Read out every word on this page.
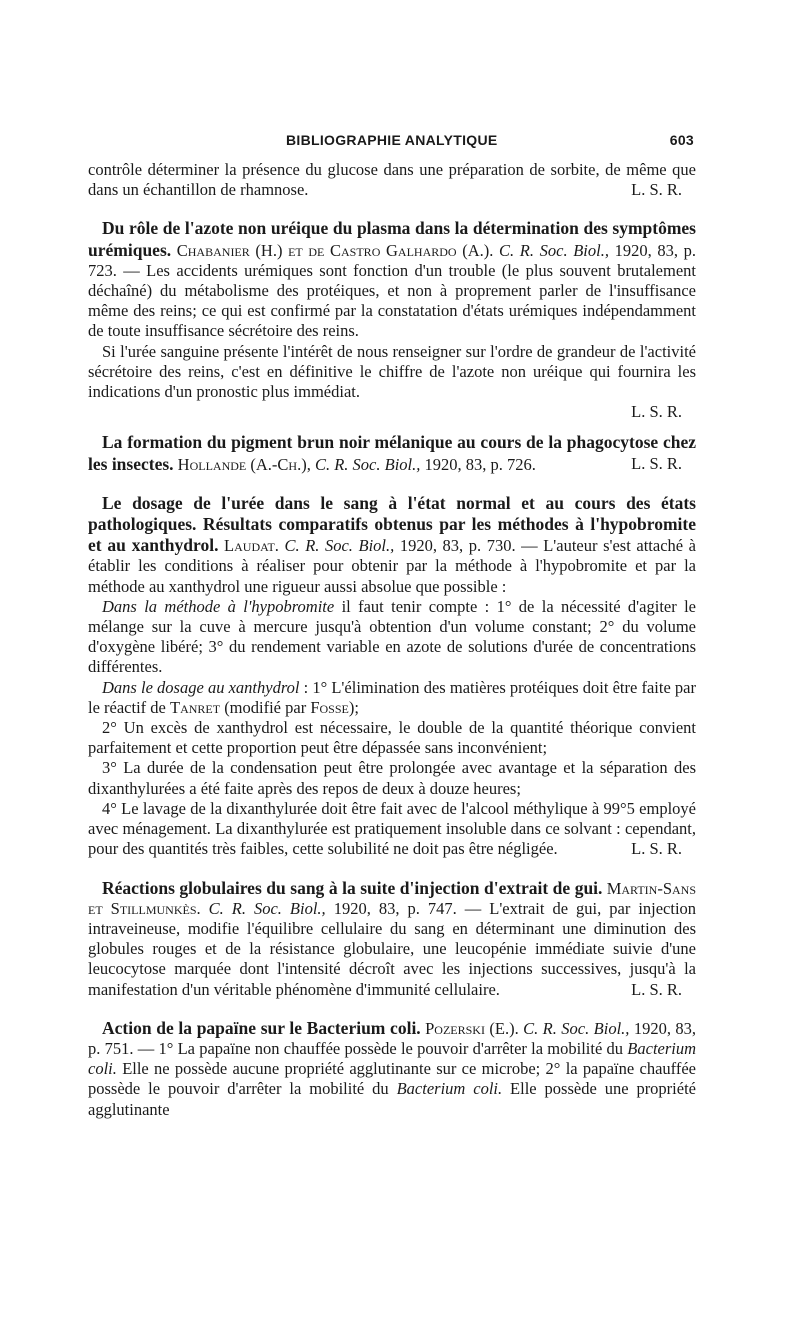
BIBLIOGRAPHIE ANALYTIQUE	603

contrôle déterminer la présence du glucose dans une préparation de sorbite, de même que dans un échantillon de rhamnose.	L. S. R.

Du rôle de l'azote non uréique du plasma dans la détermination des symptômes urémiques. Chabanier (H.) et de Castro Galhardo (A.). C. R. Soc. Biol., 1920, 83, p. 723. — Les accidents urémiques sont fonction d'un trouble (le plus souvent brutalement déchaîné) du métabolisme des protéiques, et non à proprement parler de l'insuffisance même des reins; ce qui est confirmé par la constatation d'états urémiques indépendamment de toute insuffisance sécrétoire des reins.

Si l'urée sanguine présente l'intérêt de nous renseigner sur l'ordre de grandeur de l'activité sécrétoire des reins, c'est en définitive le chiffre de l'azote non uréique qui fournira les indications d'un pronostic plus immédiat.

L. S. R.

La formation du pigment brun noir mélanique au cours de la phagocytose chez les insectes. Hollande (A.-Ch.), C. R. Soc. Biol., 1920, 83, p. 726.	L. S. R.

Le dosage de l'urée dans le sang à l'état normal et au cours des états pathologiques. Résultats comparatifs obtenus par les méthodes à l'hypobromite et au xanthydrol. Laudat. C. R. Soc. Biol., 1920, 83, p. 730. — L'auteur s'est attaché à établir les conditions à réaliser pour obtenir par la méthode à l'hypobromite et par la méthode au xanthydrol une rigueur aussi absolue que possible :

Dans la méthode à l'hypobromite il faut tenir compte : 1° de la nécessité d'agiter le mélange sur la cuve à mercure jusqu'à obtention d'un volume constant; 2° du volume d'oxygène libéré; 3° du rendement variable en azote de solutions d'urée de concentrations différentes.

Dans le dosage au xanthydrol : 1° L'élimination des matières protéiques doit être faite par le réactif de Tanret (modifié par Fosse);

2° Un excès de xanthydrol est nécessaire, le double de la quantité théorique convient parfaitement et cette proportion peut être dépassée sans inconvénient;

3° La durée de la condensation peut être prolongée avec avantage et la séparation des dixanthylurées a été faite après des repos de deux à douze heures;

4° Le lavage de la dixanthylurée doit être fait avec de l'alcool méthylique à 99°5 employé avec ménagement. La dixanthylurée est pratiquement insoluble dans ce solvant : cependant, pour des quantités très faibles, cette solubilité ne doit pas être négligée.	L. S. R.

Réactions globulaires du sang à la suite d'injection d'extrait de gui. Martin-Sans et Stillmunkès. C. R. Soc. Biol., 1920, 83, p. 747. — L'extrait de gui, par injection intraveineuse, modifie l'équilibre cellulaire du sang en déterminant une diminution des globules rouges et de la résistance globulaire, une leucopénie immédiate suivie d'une leucocytose marquée dont l'intensité décroît avec les injections successives, jusqu'à la manifestation d'un véritable phénomène d'immunité cellulaire.	L. S. R.

Action de la papaïne sur le Bacterium coli. Pozerski (E.). C. R. Soc. Biol., 1920, 83, p. 751. — 1° La papaïne non chauffée possède le pouvoir d'arrêter la mobilité du Bacterium coli. Elle ne possède aucune propriété agglutinante sur ce microbe; 2° la papaïne chauffée possède le pouvoir d'arrêter la mobilité du Bacterium coli. Elle possède une propriété agglutinante
